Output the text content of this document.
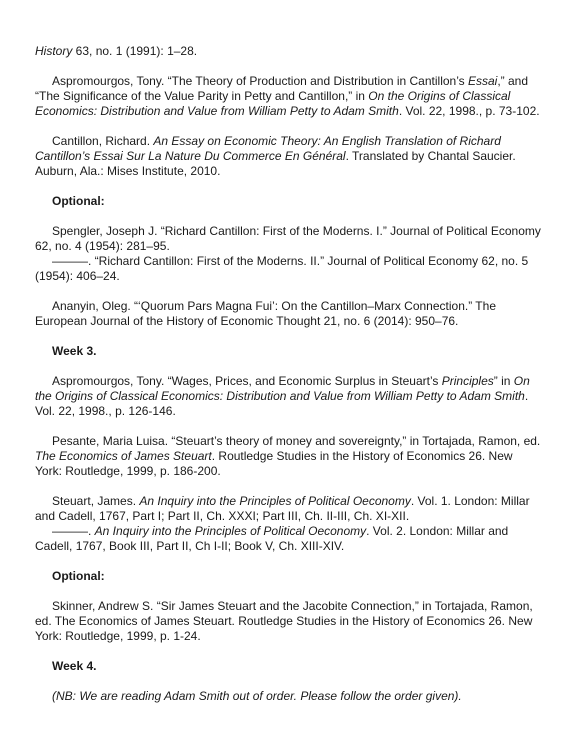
History 63, no. 1 (1991): 1–28.

Aspromourgos, Tony. “The Theory of Production and Distribution in Cantillon’s Essai,” and “The Significance of the Value Parity in Petty and Cantillon,” in On the Origins of Classical Economics: Distribution and Value from William Petty to Adam Smith. Vol. 22, 1998., p. 73-102.

Cantillon, Richard. An Essay on Economic Theory: An English Translation of Richard Cantillon’s Essai Sur La Nature Du Commerce En Général. Translated by Chantal Saucier. Auburn, Ala.: Mises Institute, 2010.

Optional:

Spengler, Joseph J. “Richard Cantillon: First of the Moderns. I.” Journal of Political Economy 62, no. 4 (1954): 281–95.

———. “Richard Cantillon: First of the Moderns. II.” Journal of Political Economy 62, no. 5 (1954): 406–24.

Ananyin, Oleg. “‘Quorum Pars Magna Fui’: On the Cantillon–Marx Connection.” The European Journal of the History of Economic Thought 21, no. 6 (2014): 950–76.

Week 3.

Aspromourgos, Tony. “Wages, Prices, and Economic Surplus in Steuart’s Principles” in On the Origins of Classical Economics: Distribution and Value from William Petty to Adam Smith. Vol. 22, 1998., p. 126-146.

Pesante, Maria Luisa. “Steuart’s theory of money and sovereignty,” in Tortajada, Ramon, ed. The Economics of James Steuart. Routledge Studies in the History of Economics 26. New York: Routledge, 1999, p. 186-200.

Steuart, James. An Inquiry into the Principles of Political Oeconomy. Vol. 1. London: Millar and Cadell, 1767, Part I; Part II, Ch. XXXI; Part III, Ch. II-III, Ch. XI-XII.

———. An Inquiry into the Principles of Political Oeconomy. Vol. 2. London: Millar and Cadell, 1767, Book III, Part II, Ch I-II; Book V, Ch. XIII-XIV.

Optional:

Skinner, Andrew S. “Sir James Steuart and the Jacobite Connection,” in Tortajada, Ramon, ed. The Economics of James Steuart. Routledge Studies in the History of Economics 26. New York: Routledge, 1999, p. 1-24.

Week 4.

(NB: We are reading Adam Smith out of order. Please follow the order given).
